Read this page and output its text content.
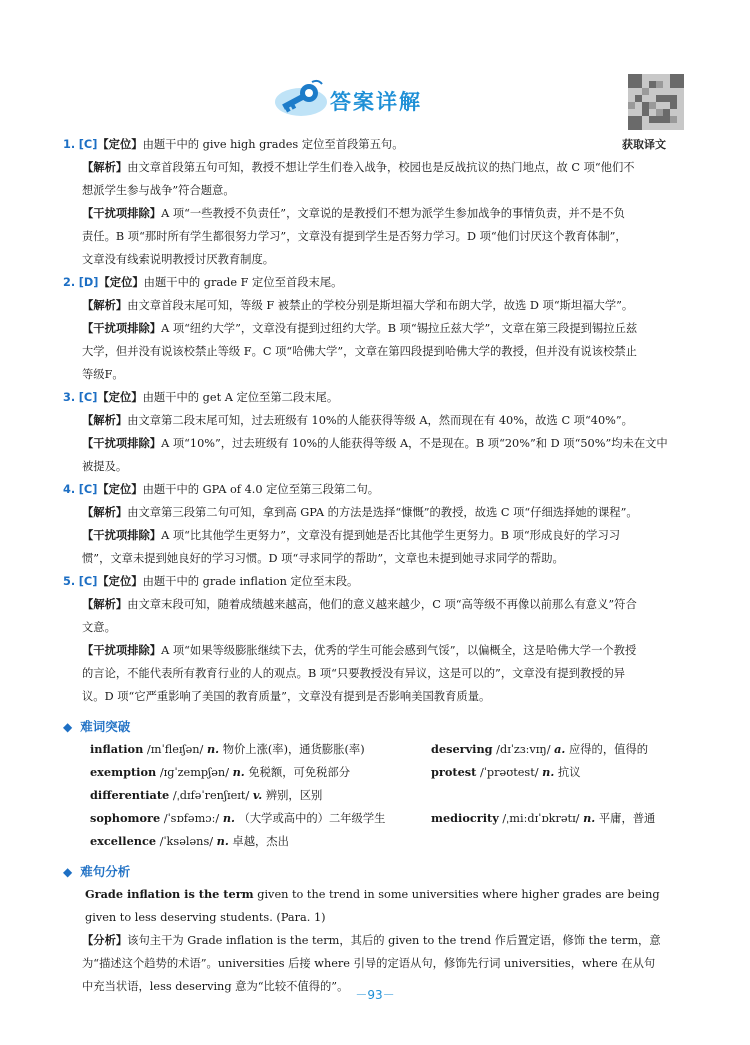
答案详解
获取译文

1. [C]【定位】由题干中的 give high grades 定位至首段第五句。

【解析】由文章首段第五句可知，教授不想让学生们卷入战争，校园也是反战抗议的热门地点，故 C 项“他们不

想派学生参与战争”符合题意。

【干扰项排除】A 项“一些教授不负责任”，文章说的是教授们不想为派学生参加战争的事情负责，并不是不负

责任。B 项“那时所有学生都很努力学习”，文章没有提到学生是否努力学习。D 项“他们讨厌这个教育体制”，

文章没有线索说明教授讨厌教育制度。

2. [D]【定位】由题干中的 grade F 定位至首段末尾。

【解析】由文章首段末尾可知，等级 F 被禁止的学校分别是斯坦福大学和布朗大学，故选 D 项“斯坦福大学”。

【干扰项排除】A 项“纽约大学”，文章没有提到过纽约大学。B 项“锡拉丘兹大学”，文章在第三段提到锡拉丘兹

大学，但并没有说该校禁止等级 F。C 项“哈佛大学”，文章在第四段提到哈佛大学的教授，但并没有说该校禁止

等级F。

3. [C]【定位】由题干中的 get A 定位至第二段末尾。

【解析】由文章第二段末尾可知，过去班级有 10%的人能获得等级 A，然而现在有 40%，故选 C 项“40%”。

【干扰项排除】A 项“10%”，过去班级有 10%的人能获得等级 A，不是现在。B 项“20%”和 D 项“50%”均未在文中

被提及。

4. [C]【定位】由题干中的 GPA of 4.0 定位至第三段第二句。

【解析】由文章第三段第二句可知，拿到高 GPA 的方法是选择“慷慨”的教授，故选 C 项“仔细选择她的课程”。

【干扰项排除】A 项“比其他学生更努力”，文章没有提到她是否比其他学生更努力。B 项“形成良好的学习习

惯”，文章未提到她良好的学习习惯。D 项“寻求同学的帮助”，文章也未提到她寻求同学的帮助。

5. [C]【定位】由题干中的 grade inflation 定位至末段。

【解析】由文章末段可知，随着成绩越来越高，他们的意义越来越少，C 项“高等级不再像以前那么有意义”符合

文意。

【干扰项排除】A 项“如果等级膨胀继续下去，优秀的学生可能会感到气馁”，以偏概全，这是哈佛大学一个教授

的言论，不能代表所有教育行业的人的观点。B 项“只要教授没有异议，这是可以的”，文章没有提到教授的异

议。D 项“它严重影响了美国的教育质量”，文章没有提到是否影响美国教育质量。

◆ 难词突破
inflation /ɪnˈfleɪʃən/ n. 物价上涨(率)，通货膨胀(率)	deserving /dɪˈzɜːvɪŋ/ a. 应得的，值得的
exemption /ɪɡˈzempʃən/ n. 免税额，可免税部分	protest /ˈprəʊtest/ n. 抗议
differentiate /ˌdɪfəˈrenʃɪeɪt/ v. 辨别，区别
sophomore /ˈsɒfəmɔː/ n. （大学或高中的）二年级学生	mediocrity /ˌmiːdɪˈɒkrətɪ/ n. 平庸，普通
excellence /ˈksələns/ n. 卓越，杰出
◆ 难句分析

Grade inflation is the term given to the trend in some universities where higher grades are being

given to less deserving students. (Para. 1)

【分析】该句主干为 Grade inflation is the term，其后的 given to the trend 作后置定语，修饰 the term，意

为“描述这个趋势的术语”。universities 后接 where 引导的定语从句，修饰先行词 universities，where 在从句

中充当状语，less deserving 意为“比较不值得的”。

－93－
